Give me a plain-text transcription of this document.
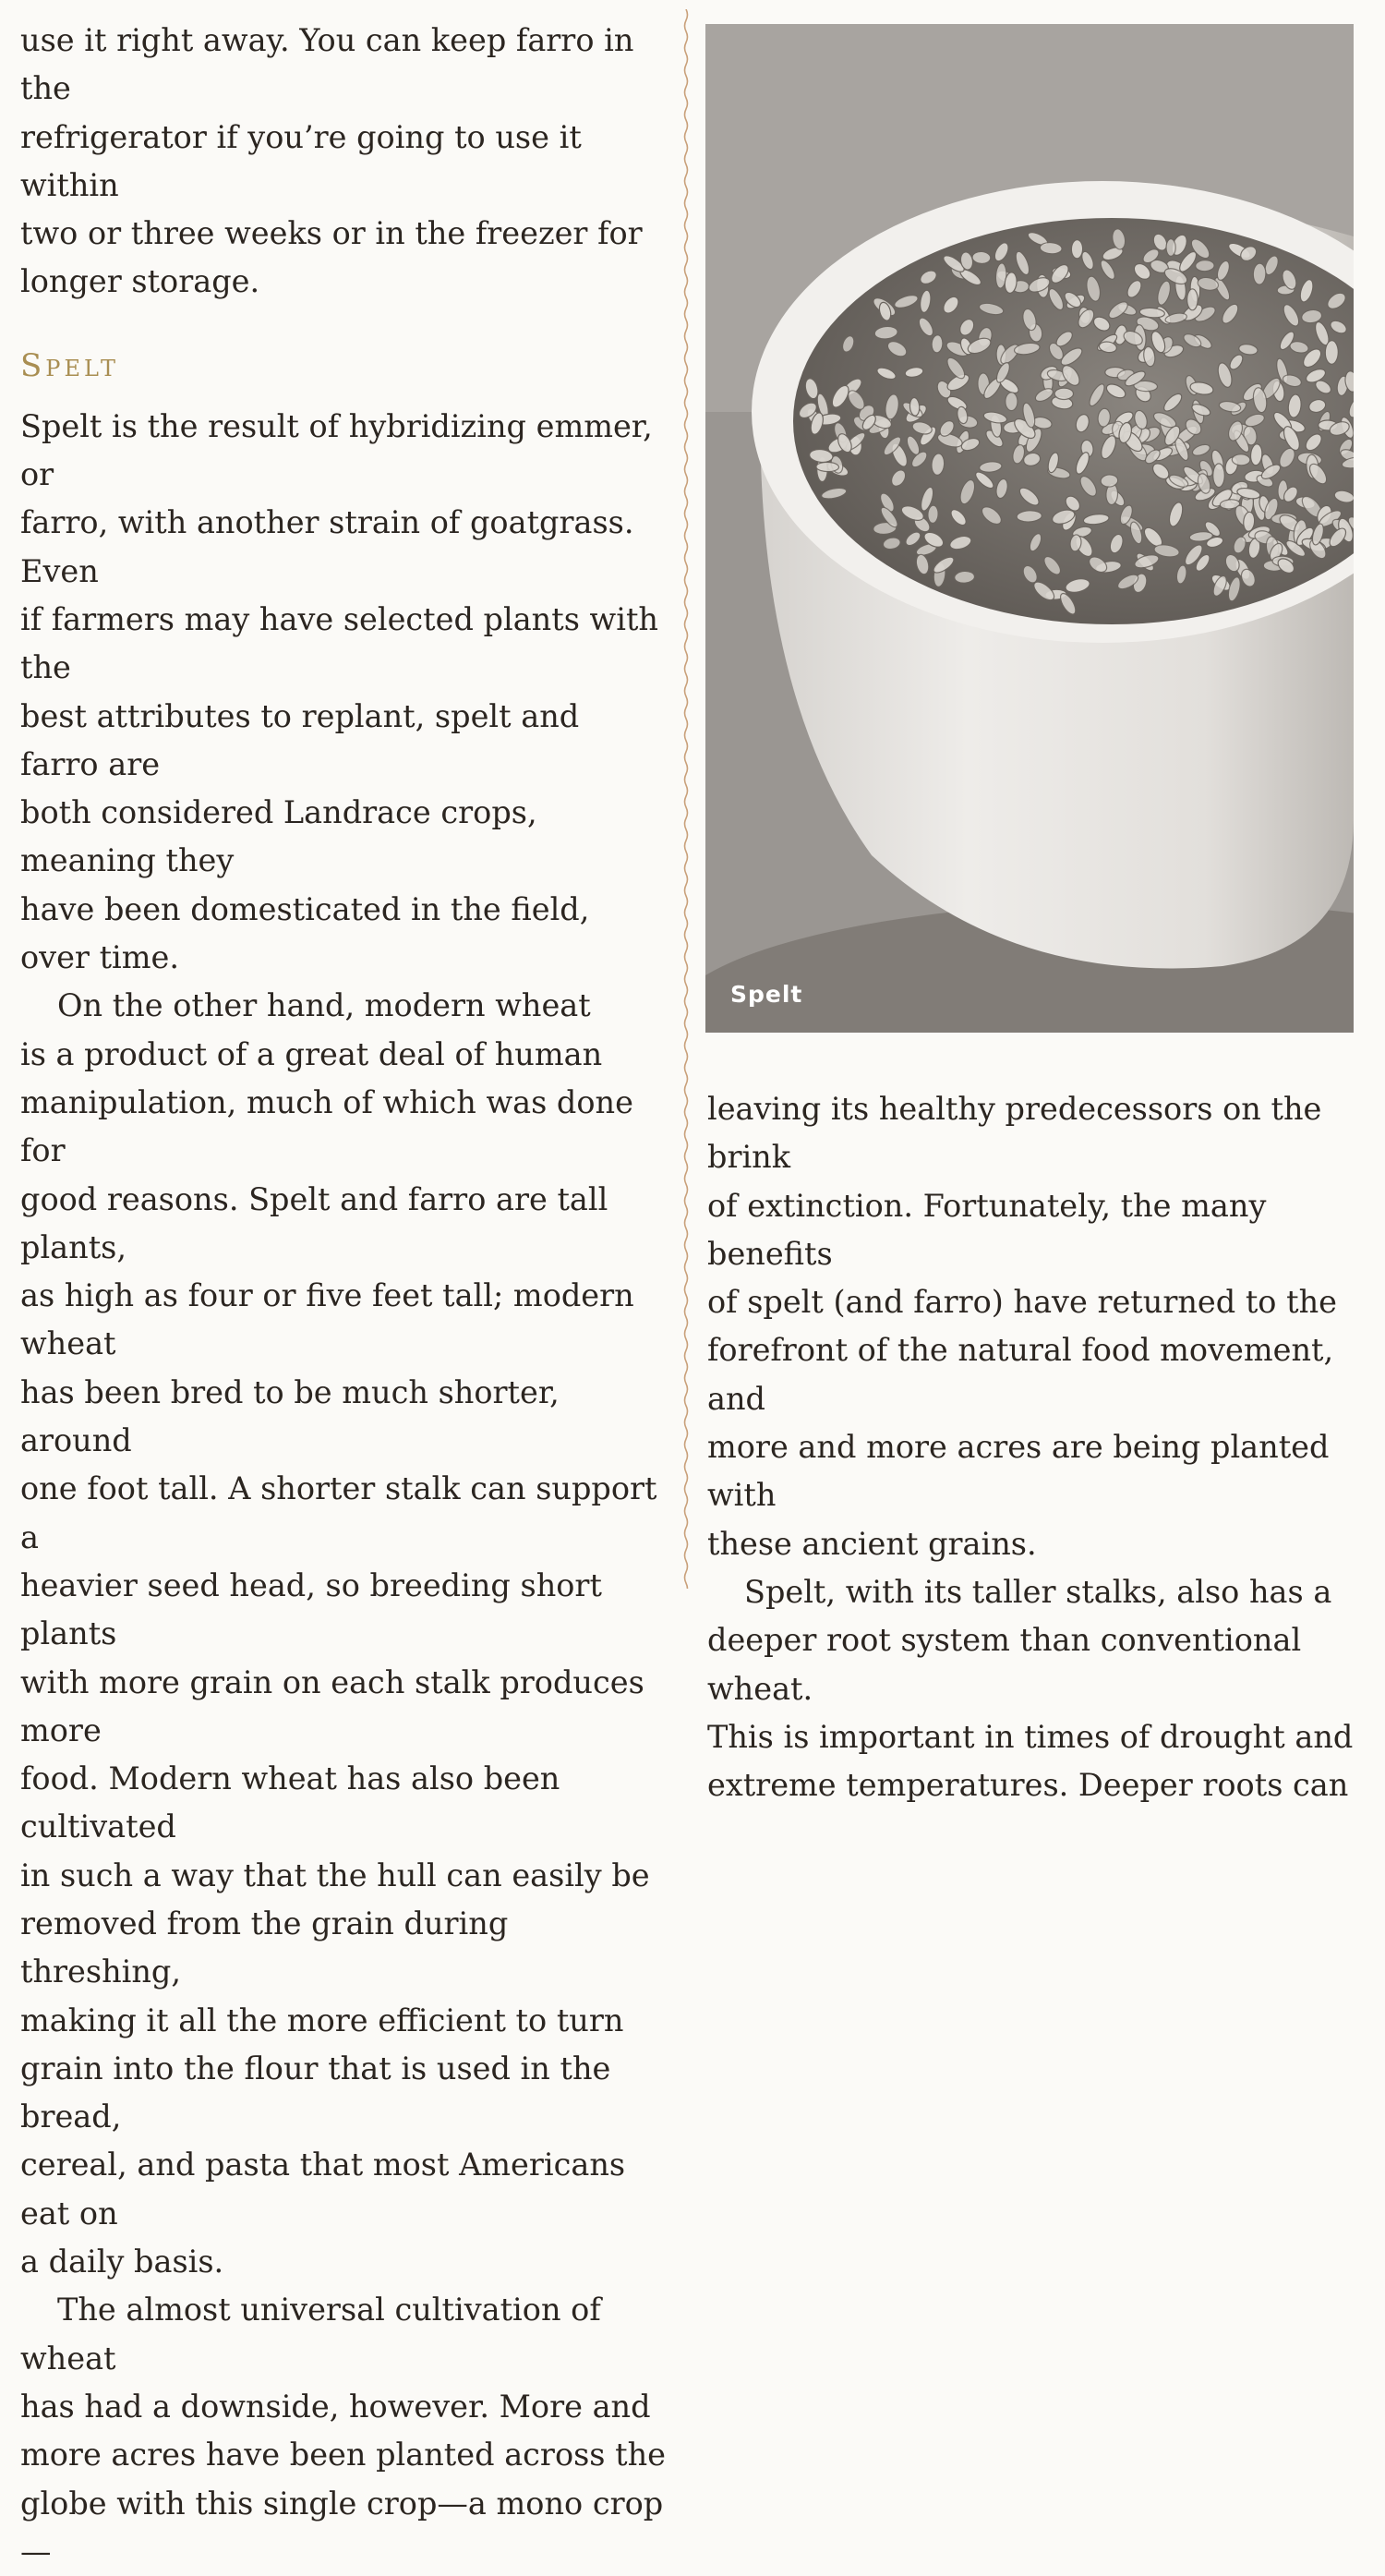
use it right away. You can keep farro in the
refrigerator if you’re going to use it within
two or three weeks or in the freezer for
longer storage.

Spelt

Spelt is the result of hybridizing emmer, or
farro, with another strain of goatgrass. Even
if farmers may have selected plants with the
best attributes to replant, spelt and farro are
both considered Landrace crops, meaning they
have been domesticated in the field, over time.

On the other hand, modern wheat
is a product of a great deal of human
manipulation, much of which was done for
good reasons. Spelt and farro are tall plants,
as high as four or five feet tall; modern wheat
has been bred to be much shorter, around
one foot tall. A shorter stalk can support a
heavier seed head, so breeding short plants
with more grain on each stalk produces more
food. Modern wheat has also been cultivated
in such a way that the hull can easily be
removed from the grain during threshing,
making it all the more efficient to turn
grain into the flour that is used in the bread,
cereal, and pasta that most Americans eat on
a daily basis.

The almost universal cultivation of wheat
has had a downside, however. More and
more acres have been planted across the
globe with this single crop—a mono crop—

Spelt

leaving its healthy predecessors on the brink
of extinction. Fortunately, the many benefits
of spelt (and farro) have returned to the
forefront of the natural food movement, and
more and more acres are being planted with
these ancient grains.

Spelt, with its taller stalks, also has a
deeper root system than conventional wheat.
This is important in times of drought and
extreme temperatures. Deeper roots can
